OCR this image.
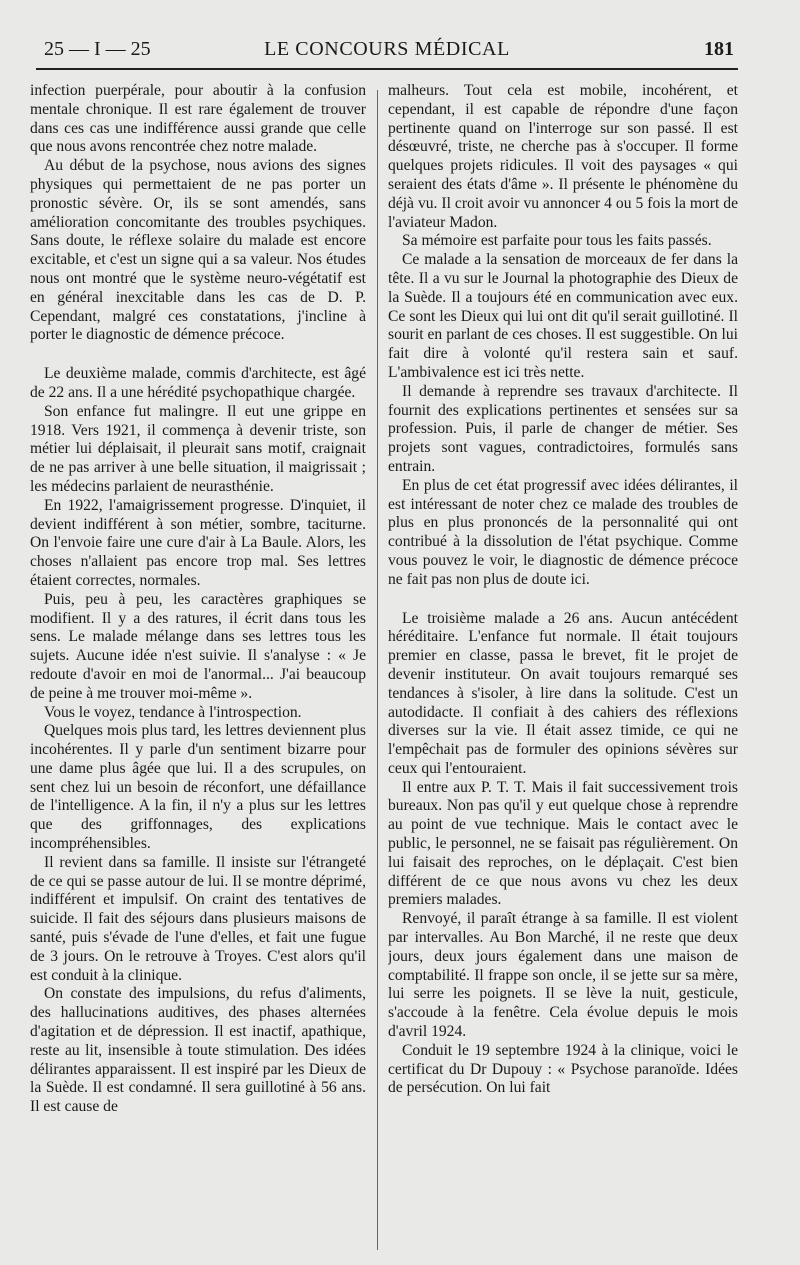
25 — I — 25	LE CONCOURS MÉDICAL	181

infection puerpérale, pour aboutir à la confusion mentale chronique. Il est rare également de trouver dans ces cas une indifférence aussi grande que celle que nous avons rencontrée chez notre malade.

Au début de la psychose, nous avions des signes physiques qui permettaient de ne pas porter un pronostic sévère. Or, ils se sont amendés, sans amélioration concomitante des troubles psychiques. Sans doute, le réflexe solaire du malade est encore excitable, et c'est un signe qui a sa valeur. Nos études nous ont montré que le système neuro-végétatif est en général inexcitable dans les cas de D. P. Cependant, malgré ces constatations, j'incline à porter le diagnostic de démence précoce.

Le deuxième malade, commis d'architecte, est âgé de 22 ans. Il a une hérédité psychopathique chargée.

Son enfance fut malingre. Il eut une grippe en 1918. Vers 1921, il commença à devenir triste, son métier lui déplaisait, il pleurait sans motif, craignait de ne pas arriver à une belle situation, il maigrissait ; les médecins parlaient de neurasthénie.

En 1922, l'amaigrissement progresse. D'inquiet, il devient indifférent à son métier, sombre, taciturne. On l'envoie faire une cure d'air à La Baule. Alors, les choses n'allaient pas encore trop mal. Ses lettres étaient correctes, normales.

Puis, peu à peu, les caractères graphiques se modifient. Il y a des ratures, il écrit dans tous les sens. Le malade mélange dans ses lettres tous les sujets. Aucune idée n'est suivie. Il s'analyse : « Je redoute d'avoir en moi de l'anormal... J'ai beaucoup de peine à me trouver moi-même ».

Vous le voyez, tendance à l'introspection.

Quelques mois plus tard, les lettres deviennent plus incohérentes. Il y parle d'un sentiment bizarre pour une dame plus âgée que lui. Il a des scrupules, on sent chez lui un besoin de réconfort, une défaillance de l'intelligence. A la fin, il n'y a plus sur les lettres que des griffonnages, des explications incompréhensibles.

Il revient dans sa famille. Il insiste sur l'étrangeté de ce qui se passe autour de lui. Il se montre déprimé, indifférent et impulsif. On craint des tentatives de suicide. Il fait des séjours dans plusieurs maisons de santé, puis s'évade de l'une d'elles, et fait une fugue de 3 jours. On le retrouve à Troyes. C'est alors qu'il est conduit à la clinique.

On constate des impulsions, du refus d'aliments, des hallucinations auditives, des phases alternées d'agitation et de dépression. Il est inactif, apathique, reste au lit, insensible à toute stimulation. Des idées délirantes apparaissent. Il est inspiré par les Dieux de la Suède. Il est condamné. Il sera guillotiné à 56 ans. Il est cause de

malheurs. Tout cela est mobile, incohérent, et cependant, il est capable de répondre d'une façon pertinente quand on l'interroge sur son passé. Il est désœuvré, triste, ne cherche pas à s'occuper. Il forme quelques projets ridicules. Il voit des paysages « qui seraient des états d'âme ». Il présente le phénomène du déjà vu. Il croit avoir vu annoncer 4 ou 5 fois la mort de l'aviateur Madon.

Sa mémoire est parfaite pour tous les faits passés.

Ce malade a la sensation de morceaux de fer dans la tête. Il a vu sur le Journal la photographie des Dieux de la Suède. Il a toujours été en communication avec eux. Ce sont les Dieux qui lui ont dit qu'il serait guillotiné. Il sourit en parlant de ces choses. Il est suggestible. On lui fait dire à volonté qu'il restera sain et sauf. L'ambivalence est ici très nette.

Il demande à reprendre ses travaux d'architecte. Il fournit des explications pertinentes et sensées sur sa profession. Puis, il parle de changer de métier. Ses projets sont vagues, contradictoires, formulés sans entrain.

En plus de cet état progressif avec idées délirantes, il est intéressant de noter chez ce malade des troubles de plus en plus prononcés de la personnalité qui ont contribué à la dissolution de l'état psychique. Comme vous pouvez le voir, le diagnostic de démence précoce ne fait pas non plus de doute ici.

Le troisième malade a 26 ans. Aucun antécédent héréditaire. L'enfance fut normale. Il était toujours premier en classe, passa le brevet, fit le projet de devenir instituteur. On avait toujours remarqué ses tendances à s'isoler, à lire dans la solitude. C'est un autodidacte. Il confiait à des cahiers des réflexions diverses sur la vie. Il était assez timide, ce qui ne l'empêchait pas de formuler des opinions sévères sur ceux qui l'entouraient.

Il entre aux P. T. T. Mais il fait successivement trois bureaux. Non pas qu'il y eut quelque chose à reprendre au point de vue technique. Mais le contact avec le public, le personnel, ne se faisait pas régulièrement. On lui faisait des reproches, on le déplaçait. C'est bien différent de ce que nous avons vu chez les deux premiers malades.

Renvoyé, il paraît étrange à sa famille. Il est violent par intervalles. Au Bon Marché, il ne reste que deux jours, deux jours également dans une maison de comptabilité. Il frappe son oncle, il se jette sur sa mère, lui serre les poignets. Il se lève la nuit, gesticule, s'accoude à la fenêtre. Cela évolue depuis le mois d'avril 1924.

Conduit le 19 septembre 1924 à la clinique, voici le certificat du Dr Dupouy : « Psychose paranoïde. Idées de persécution. On lui fait
